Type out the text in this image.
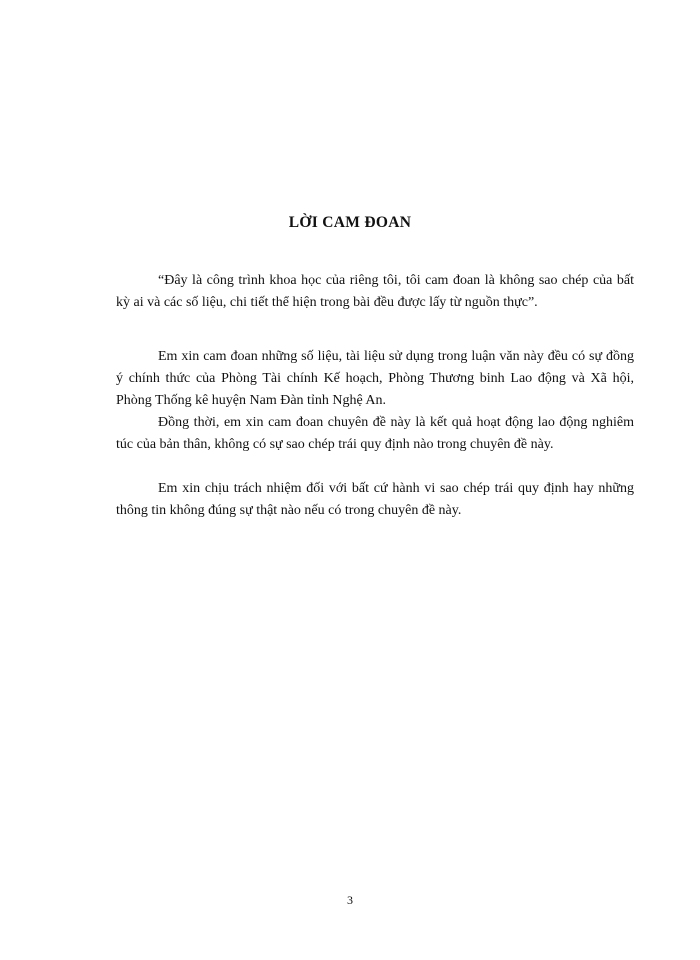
LỜI CAM ĐOAN

“Đây là công trình khoa học của riêng tôi, tôi cam đoan là không sao chép của bất kỳ ai và các số liệu, chi tiết thể hiện trong bài đều được lấy từ nguồn thực”.

Em xin cam đoan những số liệu, tài liệu sử dụng trong luận văn này đều có sự đồng ý chính thức của Phòng Tài chính Kế hoạch, Phòng Thương binh Lao động và Xã hội, Phòng Thống kê huyện Nam Đàn tỉnh Nghệ An.

Đồng thời, em xin cam đoan chuyên đề này là kết quả hoạt động lao động nghiêm túc của bản thân, không có sự sao chép trái quy định nào trong chuyên đề này.

Em xin chịu trách nhiệm đối với bất cứ hành vi sao chép trái quy định hay những thông tin không đúng sự thật nào nếu có trong chuyên đề này.

3
